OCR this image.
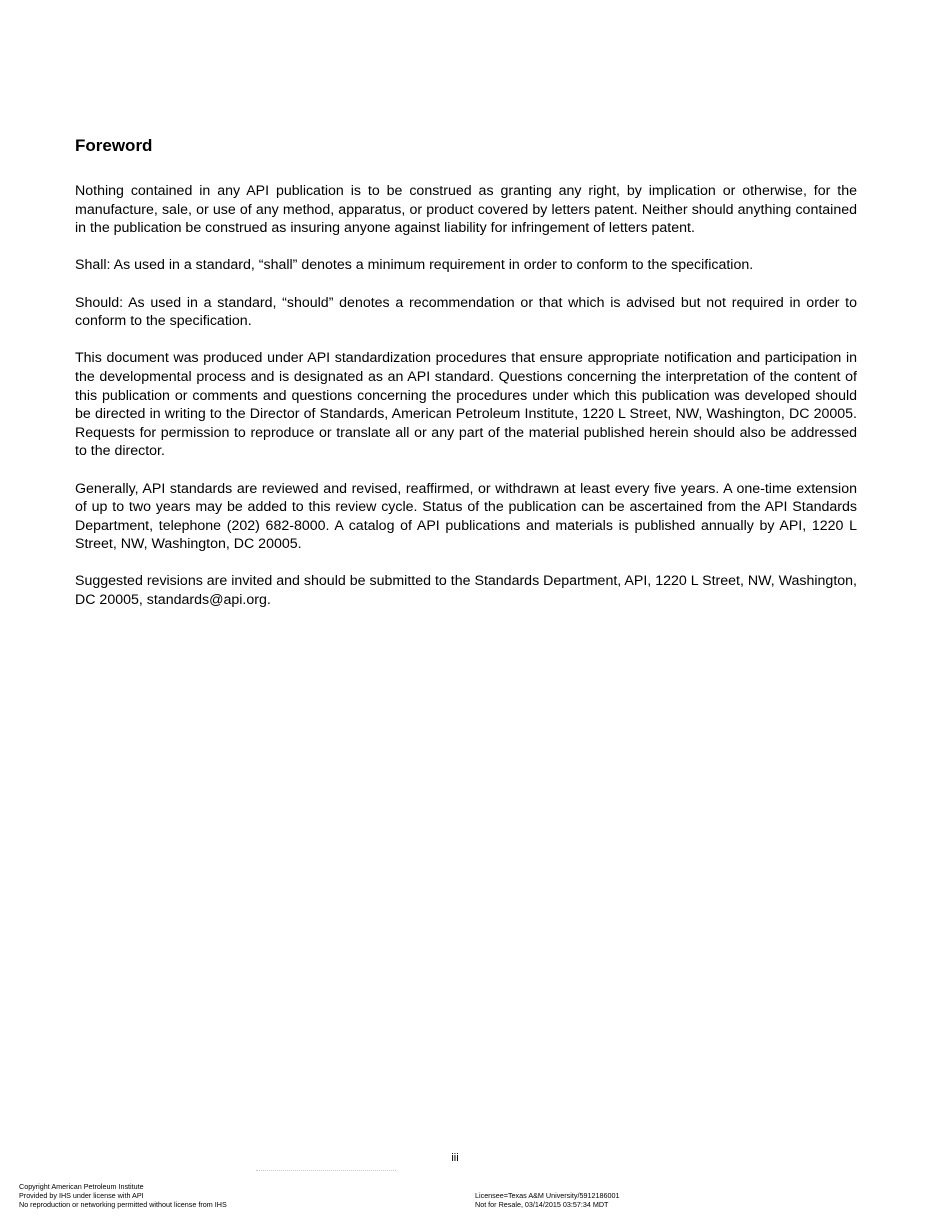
Foreword

Nothing contained in any API publication is to be construed as granting any right, by implication or otherwise, for the manufacture, sale, or use of any method, apparatus, or product covered by letters patent. Neither should anything contained in the publication be construed as insuring anyone against liability for infringement of letters patent.

Shall: As used in a standard, “shall” denotes a minimum requirement in order to conform to the specification.

Should: As used in a standard, “should” denotes a recommendation or that which is advised but not required in order to conform to the specification.

This document was produced under API standardization procedures that ensure appropriate notification and participation in the developmental process and is designated as an API standard. Questions concerning the interpretation of the content of this publication or comments and questions concerning the procedures under which this publication was developed should be directed in writing to the Director of Standards, American Petroleum Institute, 1220 L Street, NW, Washington, DC 20005. Requests for permission to reproduce or translate all or any part of the material published herein should also be addressed to the director.

Generally, API standards are reviewed and revised, reaffirmed, or withdrawn at least every five years. A one-time extension of up to two years may be added to this review cycle. Status of the publication can be ascertained from the API Standards Department, telephone (202) 682-8000. A catalog of API publications and materials is published annually by API, 1220 L Street, NW, Washington, DC 20005.

Suggested revisions are invited and should be submitted to the Standards Department, API, 1220 L Street, NW, Washington, DC 20005, standards@api.org.

iii
Copyright American Petroleum Institute
Provided by IHS under license with API
No reproduction or networking permitted without license from IHS
Licensee=Texas A&M University/5912186001
Not for Resale, 03/14/2015 03:57:34 MDT
